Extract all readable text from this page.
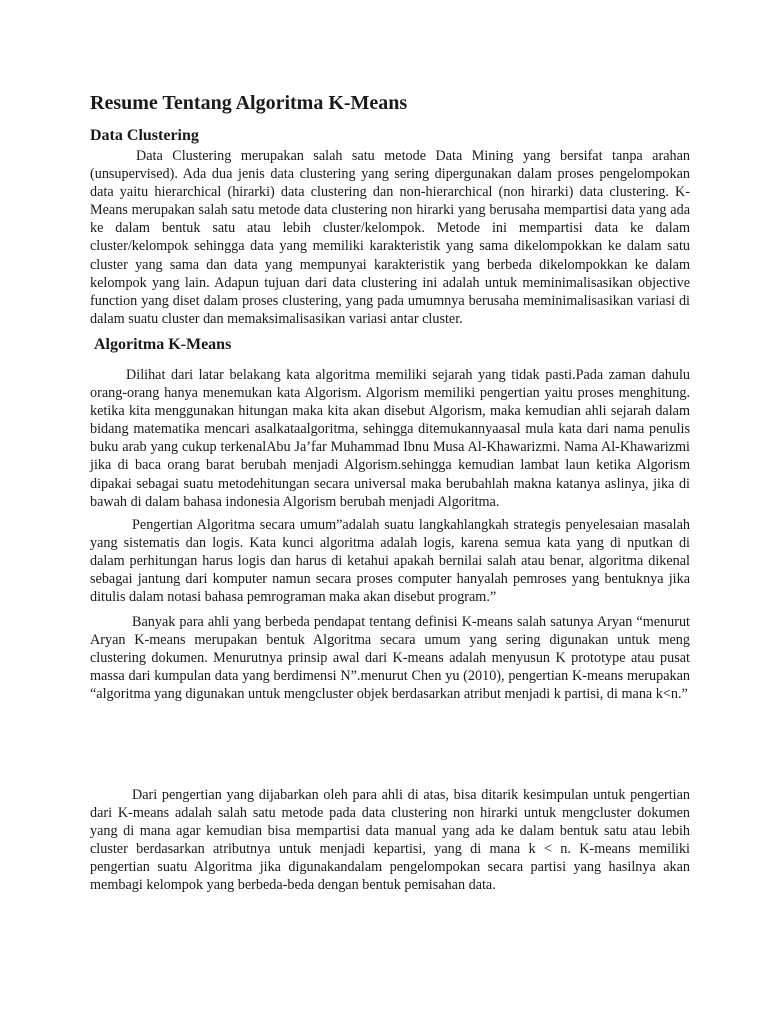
Resume Tentang Algoritma K-Means
Data Clustering

Data Clustering merupakan salah satu metode Data Mining yang bersifat tanpa arahan (unsupervised). Ada dua jenis data clustering yang sering dipergunakan dalam proses pengelompokan data yaitu hierarchical (hirarki) data clustering dan non-hierarchical (non hirarki) data clustering. K-Means merupakan salah satu metode data clustering non hirarki yang berusaha mempartisi data yang ada ke dalam bentuk satu atau lebih cluster/kelompok. Metode ini mempartisi data ke dalam cluster/kelompok sehingga data yang memiliki karakteristik yang sama dikelompokkan ke dalam satu cluster yang sama dan data yang mempunyai karakteristik yang berbeda dikelompokkan ke dalam kelompok yang lain. Adapun tujuan dari data clustering ini adalah untuk meminimalisasikan objective function yang diset dalam proses clustering, yang pada umumnya berusaha meminimalisasikan variasi di dalam suatu cluster dan memaksimalisasikan variasi antar cluster.

Algoritma K-Means

Dilihat dari latar belakang kata algoritma memiliki sejarah yang tidak pasti.Pada zaman dahulu orang-orang hanya menemukan kata Algorism. Algorism memiliki pengertian yaitu proses menghitung. ketika kita menggunakan hitungan maka kita akan disebut Algorism, maka kemudian ahli sejarah dalam bidang matematika mencari asalkataalgoritma, sehingga ditemukannyaasal mula kata dari nama penulis buku arab yang cukup terkenalAbu Ja’far Muhammad Ibnu Musa Al-Khawarizmi. Nama Al-Khawarizmi jika di baca orang barat berubah menjadi Algorism.sehingga kemudian lambat laun ketika Algorism dipakai sebagai suatu metodehitungan secara universal maka berubahlah makna katanya aslinya, jika di bawah di dalam bahasa indonesia Algorism berubah menjadi Algoritma.

Pengertian Algoritma secara umum”adalah suatu langkahlangkah strategis penyelesaian masalah yang sistematis dan logis. Kata kunci algoritma adalah logis, karena semua kata yang di nputkan di dalam perhitungan harus logis dan harus di ketahui apakah bernilai salah atau benar, algoritma dikenal sebagai jantung dari komputer namun secara proses computer hanyalah pemroses yang bentuknya jika ditulis dalam notasi bahasa pemrograman maka akan disebut program.”

Banyak para ahli yang berbeda pendapat tentang definisi K-means salah satunya Aryan “menurut Aryan K-means merupakan bentuk Algoritma secara umum yang sering digunakan untuk meng clustering dokumen. Menurutnya prinsip awal dari K-means adalah menyusun K prototype atau pusat massa dari kumpulan data yang berdimensi N”.menurut Chen yu (2010), pengertian K-means merupakan “algoritma yang digunakan untuk mengcluster objek berdasarkan atribut menjadi k partisi, di mana k<n.”

Dari pengertian yang dijabarkan oleh para ahli di atas, bisa ditarik kesimpulan untuk pengertian dari K-means adalah salah satu metode pada data clustering non hirarki untuk mengcluster dokumen yang di mana agar kemudian bisa mempartisi data manual yang ada ke dalam bentuk satu atau lebih cluster berdasarkan atributnya untuk menjadi kepartisi, yang di mana k < n. K-means memiliki pengertian suatu Algoritma jika digunakandalam pengelompokan secara partisi yang hasilnya akan membagi kelompok yang berbeda-beda dengan bentuk pemisahan data.
